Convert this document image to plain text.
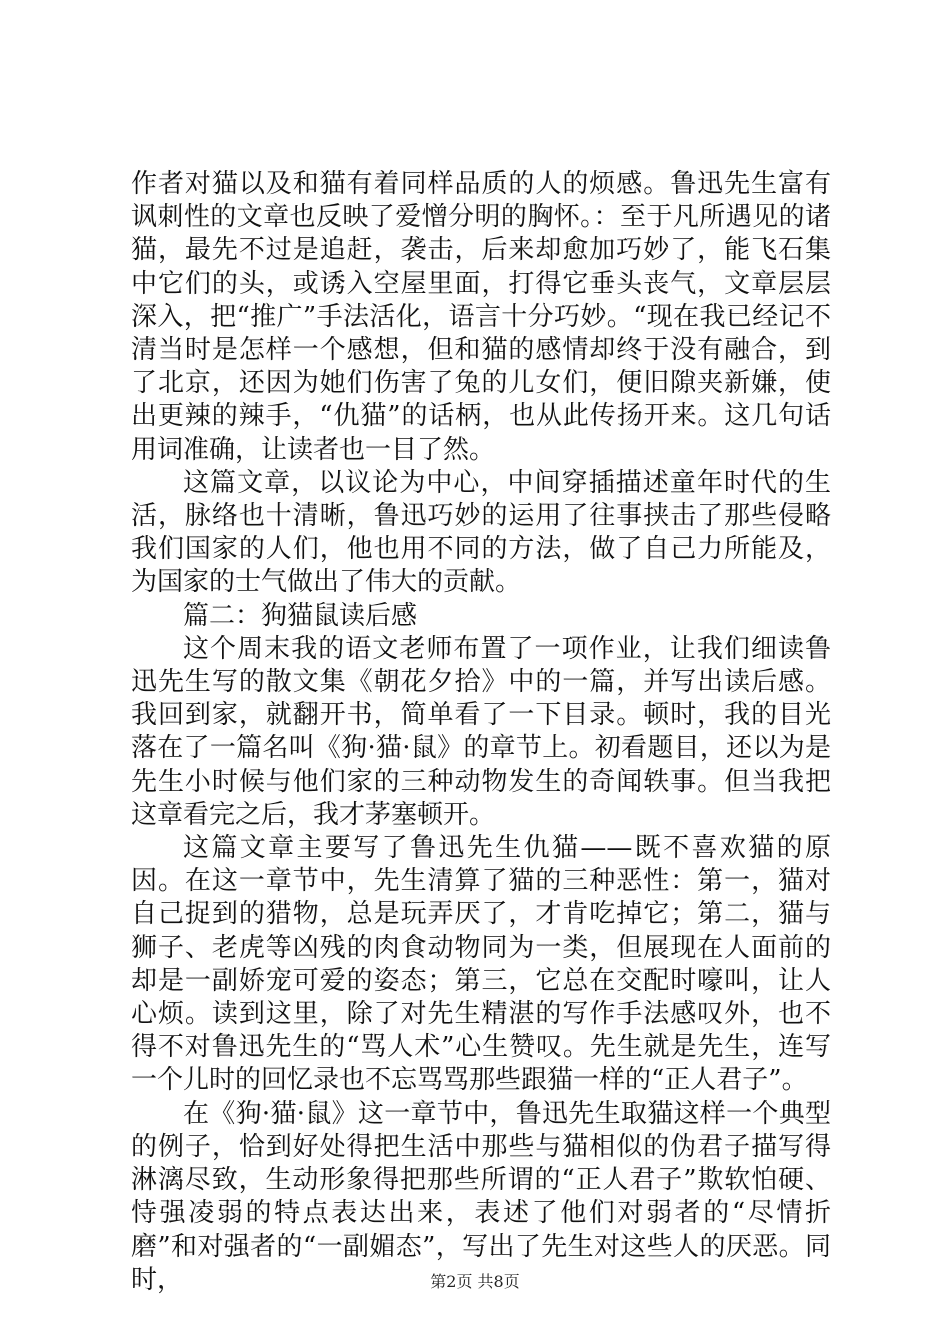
作者对猫以及和猫有着同样品质的人的烦感。鲁迅先生富有讽刺性的文章也反映了爱憎分明的胸怀。：至于凡所遇见的诸猫，最先不过是追赶，袭击，后来却愈加巧妙了，能飞石集中它们的头，或诱入空屋里面，打得它垂头丧气，文章层层深入，把“推广”手法活化，语言十分巧妙。“现在我已经记不清当时是怎样一个感想，但和猫的感情却终于没有融合，到了北京，还因为她们伤害了兔的儿女们，便旧隙夹新嫌，使出更辣的辣手，“仇猫”的话柄，也从此传扬开来。这几句话用词准确，让读者也一目了然。

这篇文章，以议论为中心，中间穿插描述童年时代的生活，脉络也十清晰，鲁迅巧妙的运用了往事挟击了那些侵略我们国家的人们，他也用不同的方法，做了自己力所能及，为国家的士气做出了伟大的贡献。

篇二：狗猫鼠读后感

这个周末我的语文老师布置了一项作业，让我们细读鲁迅先生写的散文集《朝花夕拾》中的一篇，并写出读后感。我回到家，就翻开书，简单看了一下目录。顿时，我的目光落在了一篇名叫《狗·猫·鼠》的章节上。初看题目，还以为是先生小时候与他们家的三种动物发生的奇闻轶事。但当我把这章看完之后，我才茅塞顿开。

这篇文章主要写了鲁迅先生仇猫——既不喜欢猫的原因。在这一章节中，先生清算了猫的三种恶性：第一，猫对自己捉到的猎物，总是玩弄厌了，才肯吃掉它；第二，猫与狮子、老虎等凶残的肉食动物同为一类，但展现在人面前的却是一副娇宠可爱的姿态；第三，它总在交配时嚎叫，让人心烦。读到这里，除了对先生精湛的写作手法感叹外，也不得不对鲁迅先生的“骂人术”心生赞叹。先生就是先生，连写一个儿时的回忆录也不忘骂骂那些跟猫一样的“正人君子”。

在《狗·猫·鼠》这一章节中，鲁迅先生取猫这样一个典型的例子，恰到好处得把生活中那些与猫相似的伪君子描写得淋漓尽致，生动形象得把那些所谓的“正人君子”欺软怕硬、恃强凌弱的特点表达出来，表述了他们对弱者的“尽情折磨”和对强者的“一副媚态”，写出了先生对这些人的厌恶。同时，	第2页 共8页
